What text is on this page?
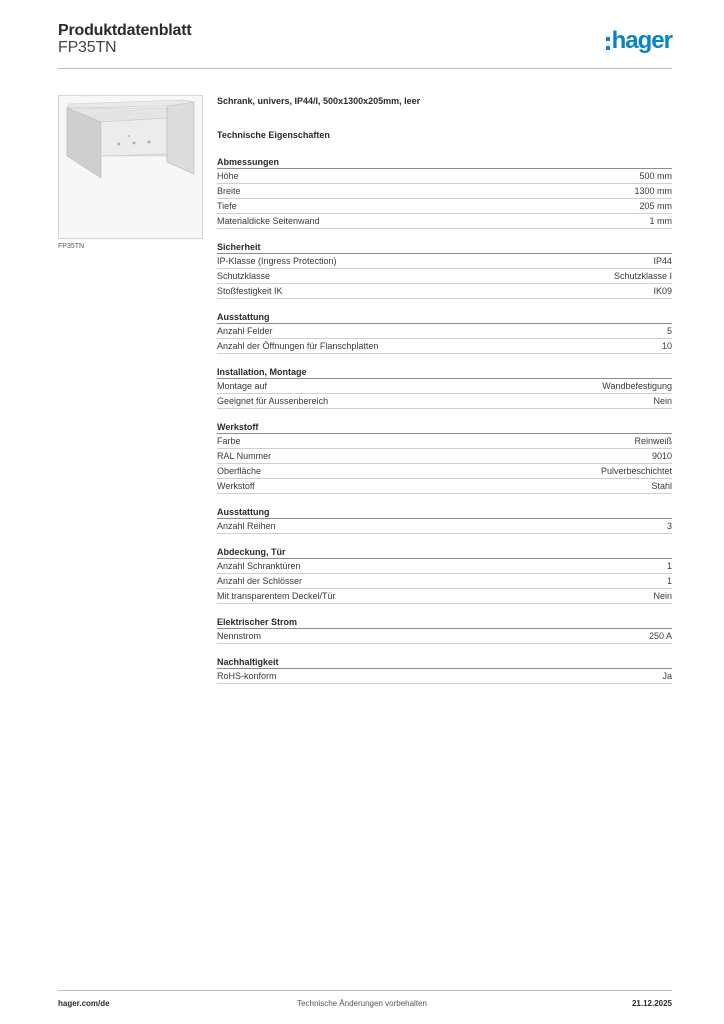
Produktdatenblatt
FP35TN	hager
FP35TN
Schrank, univers, IP44/I, 500x1300x205mm, leer
Technische Eigenschaften
Abmessungen
Höhe	500 mm
Breite	1300 mm
Tiefe	205 mm
Materialdicke Seitenwand	1 mm
Sicherheit
IP-Klasse (Ingress Protection)	IP44
Schutzklasse	Schutzklasse I
Stoßfestigkeit IK	IK09
Ausstattung
Anzahl Felder	5
Anzahl der Öffnungen für Flanschplatten	10
Installation, Montage
Montage auf	Wandbefestigung
Geeignet für Aussenbereich	Nein
Werkstoff
Farbe	Reinweiß
RAL Nummer	9010
Oberfläche	Pulverbeschichtet
Werkstoff	Stahl
Ausstattung
Anzahl Reihen	3
Abdeckung, Tür
Anzahl Schranktüren	1
Anzahl der Schlösser	1
Mit transparentem Deckel/Tür	Nein
Elektrischer Strom
Nennstrom	250 A
Nachhaltigkeit
RoHS-konform	Ja
hager.com/de	Technische Änderungen vorbehalten	21.12.2025
